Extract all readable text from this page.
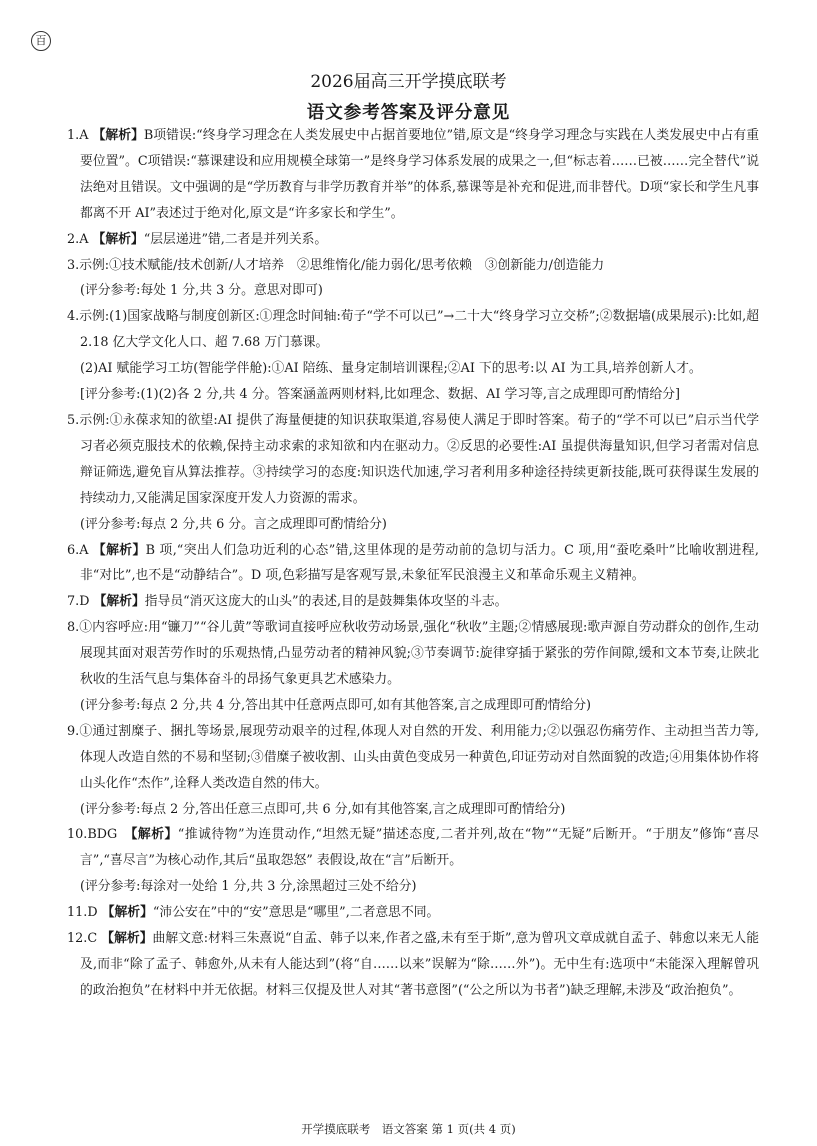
百
2026届高三开学摸底联考
语文参考答案及评分意见

1.A 【解析】B项错误:“终身学习理念在人类发展史中占据首要地位”错,原文是“终身学习理念与实践在人类发展史中占有重要位置”。C项错误:“慕课建设和应用规模全球第一”是终身学习体系发展的成果之一,但“标志着……已被……完全替代”说法绝对且错误。文中强调的是“学历教育与非学历教育并举”的体系,慕课等是补充和促进,而非替代。D项“家长和学生凡事都离不开 AI”表述过于绝对化,原文是“许多家长和学生”。

2.A 【解析】“层层递进”错,二者是并列关系。

3.示例:①技术赋能/技术创新/人才培养　②思维惰化/能力弱化/思考依赖　③创新能力/创造能力

(评分参考:每处 1 分,共 3 分。意思对即可)

4.示例:(1)国家战略与制度创新区:①理念时间轴:荀子“学不可以已”→二十大“终身学习立交桥”;②数据墙(成果展示):比如,超 2.18 亿大学文化人口、超 7.68 万门慕课。

(2)AI 赋能学习工坊(智能学伴舱):①AI 陪练、量身定制培训课程;②AI 下的思考:以 AI 为工具,培养创新人才。

[评分参考:(1)(2)各 2 分,共 4 分。答案涵盖两则材料,比如理念、数据、AI 学习等,言之成理即可酌情给分]

5.示例:①永葆求知的欲望:AI 提供了海量便捷的知识获取渠道,容易使人满足于即时答案。荀子的“学不可以已”启示当代学习者必须克服技术的依赖,保持主动求索的求知欲和内在驱动力。②反思的必要性:AI 虽提供海量知识,但学习者需对信息辩证筛选,避免盲从算法推荐。③持续学习的态度:知识迭代加速,学习者利用多种途径持续更新技能,既可获得谋生发展的持续动力,又能满足国家深度开发人力资源的需求。

(评分参考:每点 2 分,共 6 分。言之成理即可酌情给分)

6.A 【解析】B 项,“突出人们急功近利的心态”错,这里体现的是劳动前的急切与活力。C 项,用“蚕吃桑叶”比喻收割进程,非“对比”,也不是“动静结合”。D 项,色彩描写是客观写景,未象征军民浪漫主义和革命乐观主义精神。

7.D 【解析】指导员“消灭这庞大的山头”的表述,目的是鼓舞集体攻坚的斗志。

8.①内容呼应:用“镰刀”“谷儿黄”等歌词直接呼应秋收劳动场景,强化“秋收”主题;②情感展现:歌声源自劳动群众的创作,生动展现其面对艰苦劳作时的乐观热情,凸显劳动者的精神风貌;③节奏调节:旋律穿插于紧张的劳作间隙,缓和文本节奏,让陕北秋收的生活气息与集体奋斗的昂扬气象更具艺术感染力。

(评分参考:每点 2 分,共 4 分,答出其中任意两点即可,如有其他答案,言之成理即可酌情给分)

9.①通过割糜子、捆扎等场景,展现劳动艰辛的过程,体现人对自然的开发、利用能力;②以强忍伤痛劳作、主动担当苦力等,体现人改造自然的不易和坚韧;③借糜子被收割、山头由黄色变成另一种黄色,印证劳动对自然面貌的改造;④用集体协作将山头化作“杰作”,诠释人类改造自然的伟大。

(评分参考:每点 2 分,答出任意三点即可,共 6 分,如有其他答案,言之成理即可酌情给分)

10.BDG　 【解析】“推诚待物”为连贯动作,“坦然无疑”描述态度,二者并列,故在“物”“无疑”后断开。“于朋友”修饰“喜尽言”,“喜尽言”为核心动作,其后“虽取怨怒” 表假设,故在“言”后断开。

(评分参考:每涂对一处给 1 分,共 3 分,涂黑超过三处不给分)

11.D 【解析】“沛公安在”中的“安”意思是“哪里”,二者意思不同。

12.C 【解析】曲解文意:材料三朱熹说“自孟、韩子以来,作者之盛,未有至于斯”,意为曾巩文章成就自孟子、韩愈以来无人能及,而非“除了孟子、韩愈外,从未有人能达到”(将“自……以来”误解为“除……外”)。无中生有:选项中“未能深入理解曾巩的政治抱负”在材料中并无依据。材料三仅提及世人对其“著书意图”(“公之所以为书者”)缺乏理解,未涉及“政治抱负”。

开学摸底联考　语文答案 第 1 页(共 4 页)
